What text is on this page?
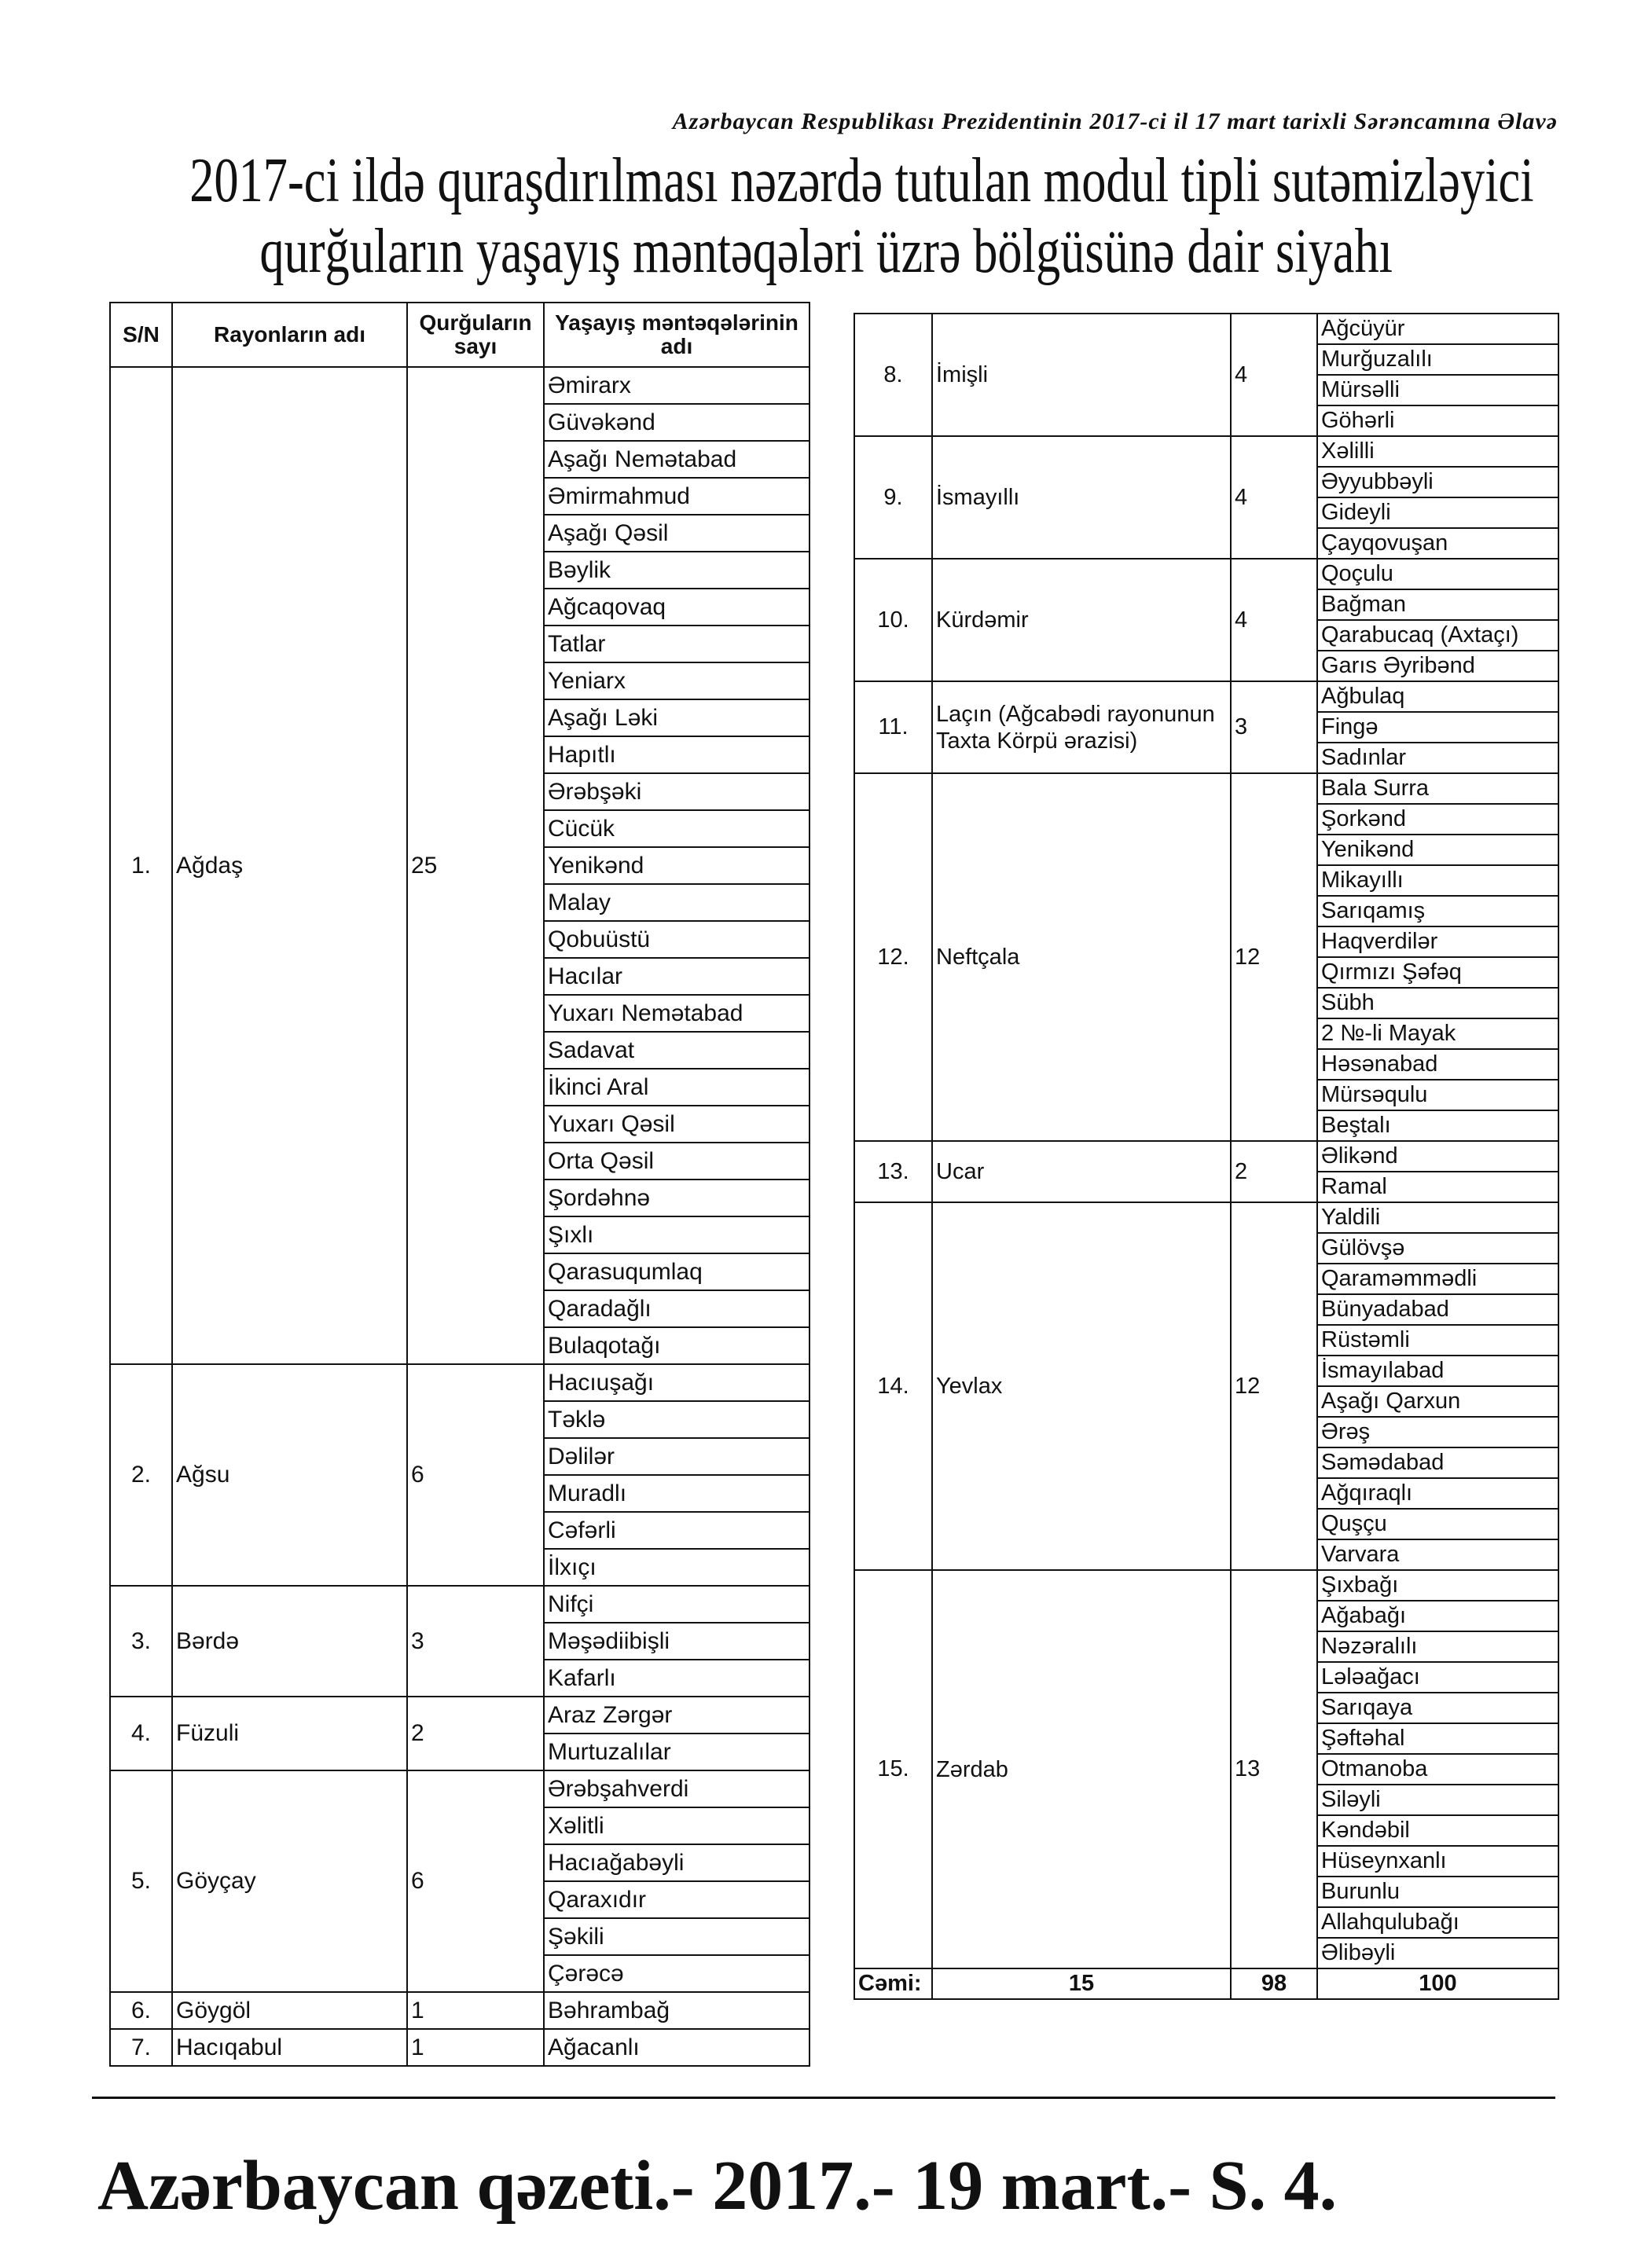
Azərbaycan Respublikası Prezidentinin 2017-ci il 17 mart tarixli Sərəncamına Əlavə
2017-ci ildə quraşdırılması nəzərdə tutulan modul tipli sutəmizləyici
qurğuların yaşayış məntəqələri üzrə bölgüsünə dair siyahı
S/N	Rayonların adı	Qurğuların sayı	Yaşayış məntəqələrinin adı
1.	Ağdaş	25	Əmirarx
			Güvəkənd
			Aşağı Nemətabad
			Əmirmahmud
			Aşağı Qəsil
			Bəylik
			Ağcaqovaq
			Tatlar
			Yeniarx
			Aşağı Ləki
			Hapıtlı
			Ərəbşəki
			Cücük
			Yenikənd
			Malay
			Qobuüstü
			Hacılar
			Yuxarı Nemətabad
			Sadavat
			İkinci Aral
			Yuxarı Qəsil
			Orta Qəsil
			Şordəhnə
			Şıxlı
			Qarasuqumlaq
			Qaradağlı
			Bulaqotağı
2.	Ağsu	6	Hacıuşağı
			Təklə
			Dəlilər
			Muradlı
			Cəfərli
			İlxıçı
3.	Bərdə	3	Nifçi
			Məşədiibişli
			Kafarlı
4.	Füzuli	2	Araz Zərgər
			Murtuzalılar
5.	Göyçay	6	Ərəbşahverdi
			Xəlitli
			Hacıağabəyli
			Qaraxıdır
			Şəkili
			Çərəcə
6.	Göygöl	1	Bəhrambağ
7.	Hacıqabul	1	Ağacanlı
8.	İmişli	4	Ağcüyür
			Murğuzalılı
			Mürsəlli
			Göhərli
9.	İsmayıllı	4	Xəlilli
			Əyyubbəyli
			Gideyli
			Çayqovuşan
10.	Kürdəmir	4	Qoçulu
			Bağman
			Qarabucaq (Axtaçı)
			Garıs Əyribənd
11.	Laçın (Ağcabədi rayonunun Taxta Körpü ərazisi)	3	Ağbulaq
			Fingə
			Sadınlar
12.	Neftçala	12	Bala Surra
			Şorkənd
			Yenikənd
			Mikayıllı
			Sarıqamış
			Haqverdilər
			Qırmızı Şəfəq
			Sübh
			2 №-li Mayak
			Həsənabad
			Mürsəqulu
			Beştalı
13.	Ucar	2	Əlikənd
			Ramal
14.	Yevlax	12	Yaldili
			Gülövşə
			Qaraməmmədli
			Bünyadabad
			Rüstəmli
			İsmayılabad
			Aşağı Qarxun
			Ərəş
			Səmədabad
			Ağqıraqlı
			Quşçu
			Varvara
15.	Zərdab	13	Şıxbağı
			Ağabağı
			Nəzəralılı
			Lələağacı
			Sarıqaya
			Şəftəhal
			Otmanoba
			Siləyli
			Kəndəbil
			Hüseynxanlı
			Burunlu
			Allahqulubağı
			Əlibəyli
Cəmi:	15	98	100
Azərbaycan qəzeti.- 2017.- 19 mart.- S. 4.
